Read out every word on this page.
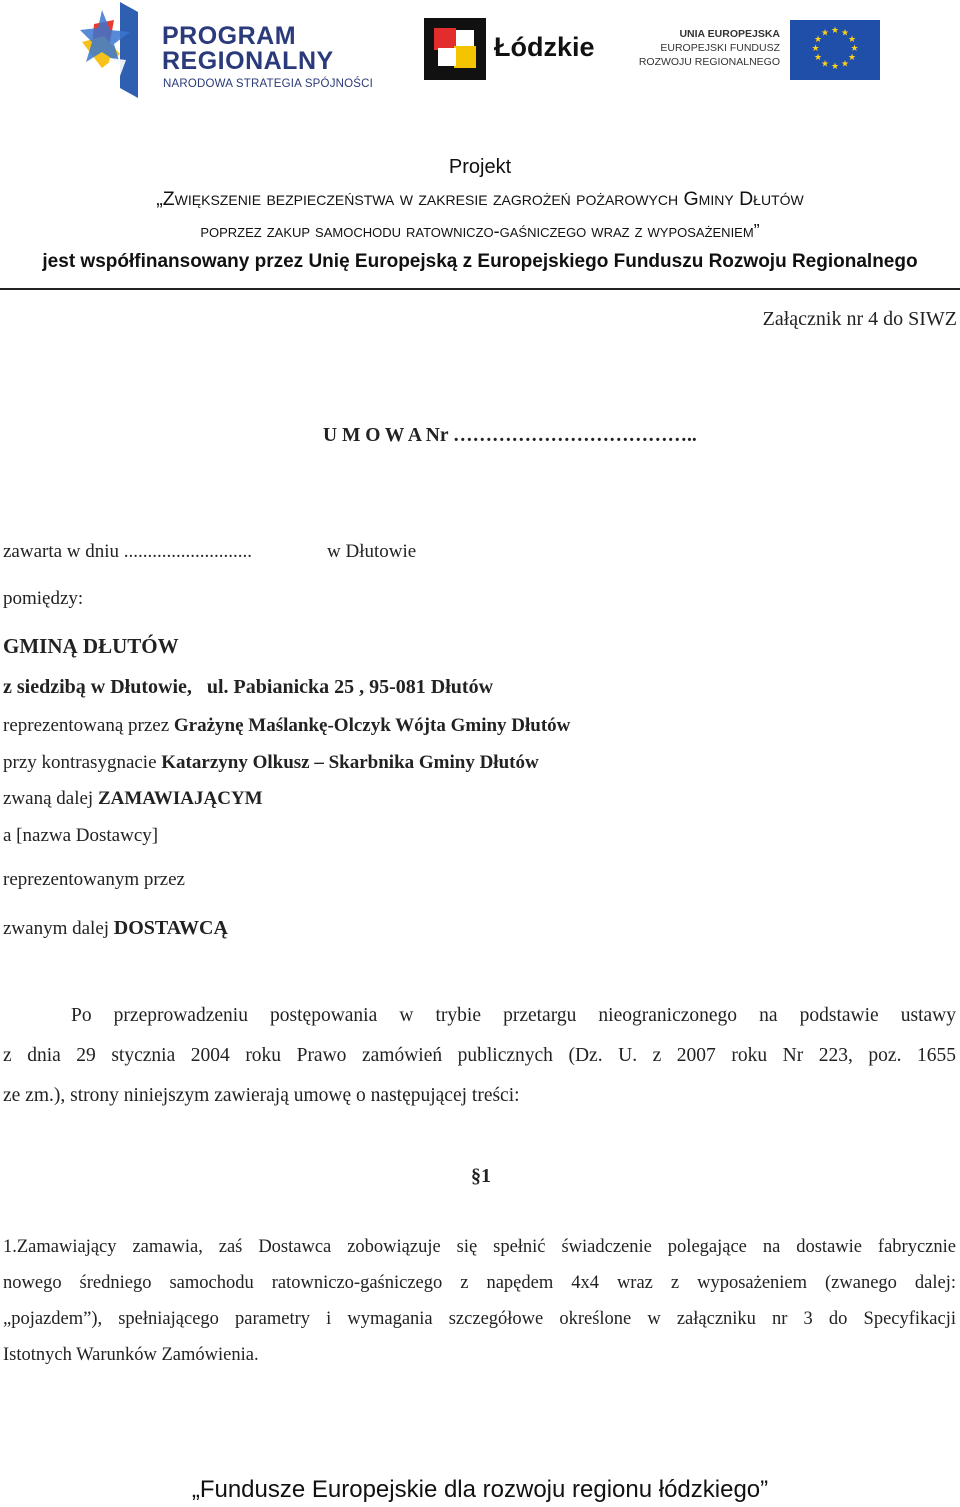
PROGRAM
REGIONALNY
NARODOWA STRATEGIA SPÓJNOŚCI
Łódzkie	UNIA EUROPEJSKA
EUROPEJSKI FUNDUSZ
ROZWOJU REGIONALNEGO
★ ★
★
★
★
★
★
★
★
★
★
★
Projekt
„Zwiększenie bezpieczeństwa w zakresie zagrożeń pożarowych Gminy Dłutów
poprzez zakup samochodu ratowniczo-gaśniczego wraz z wyposażeniem”
jest współfinansowany przez Unię Europejską z Europejskiego Funduszu Rozwoju Regionalnego
Załącznik nr 4 do SIWZ
U M O W A Nr ………………………………..
zawarta w dniu ...........................	w Dłutowie
pomiędzy:
GMINĄ DŁUTÓW
z siedzibą w Dłutowie,   ul. Pabianicka 25 , 95-081 Dłutów
reprezentowaną przez Grażynę Maślankę-Olczyk Wójta Gminy Dłutów
przy kontrasygnacie Katarzyny Olkusz – Skarbnika Gminy Dłutów
zwaną dalej ZAMAWIAJĄCYM
a [nazwa Dostawcy]
reprezentowanym przez
zwanym dalej DOSTAWCĄ
Po przeprowadzeniu postępowania w trybie przetargu nieograniczonego na podstawie ustawy
z dnia 29 stycznia 2004 roku Prawo zamówień publicznych (Dz. U. z 2007 roku Nr 223, poz. 1655
ze zm.), strony niniejszym zawierają umowę o następującej treści:
§1
1.Zamawiający zamawia, zaś Dostawca zobowiązuje się spełnić świadczenie polegające na dostawie fabrycznie
nowego średniego samochodu ratowniczo-gaśniczego z napędem 4x4 wraz z wyposażeniem (zwanego dalej:
„pojazdem”), spełniającego parametry i wymagania szczegółowe określone w załączniku nr 3 do Specyfikacji
Istotnych Warunków Zamówienia.
„Fundusze Europejskie dla rozwoju regionu łódzkiego”
